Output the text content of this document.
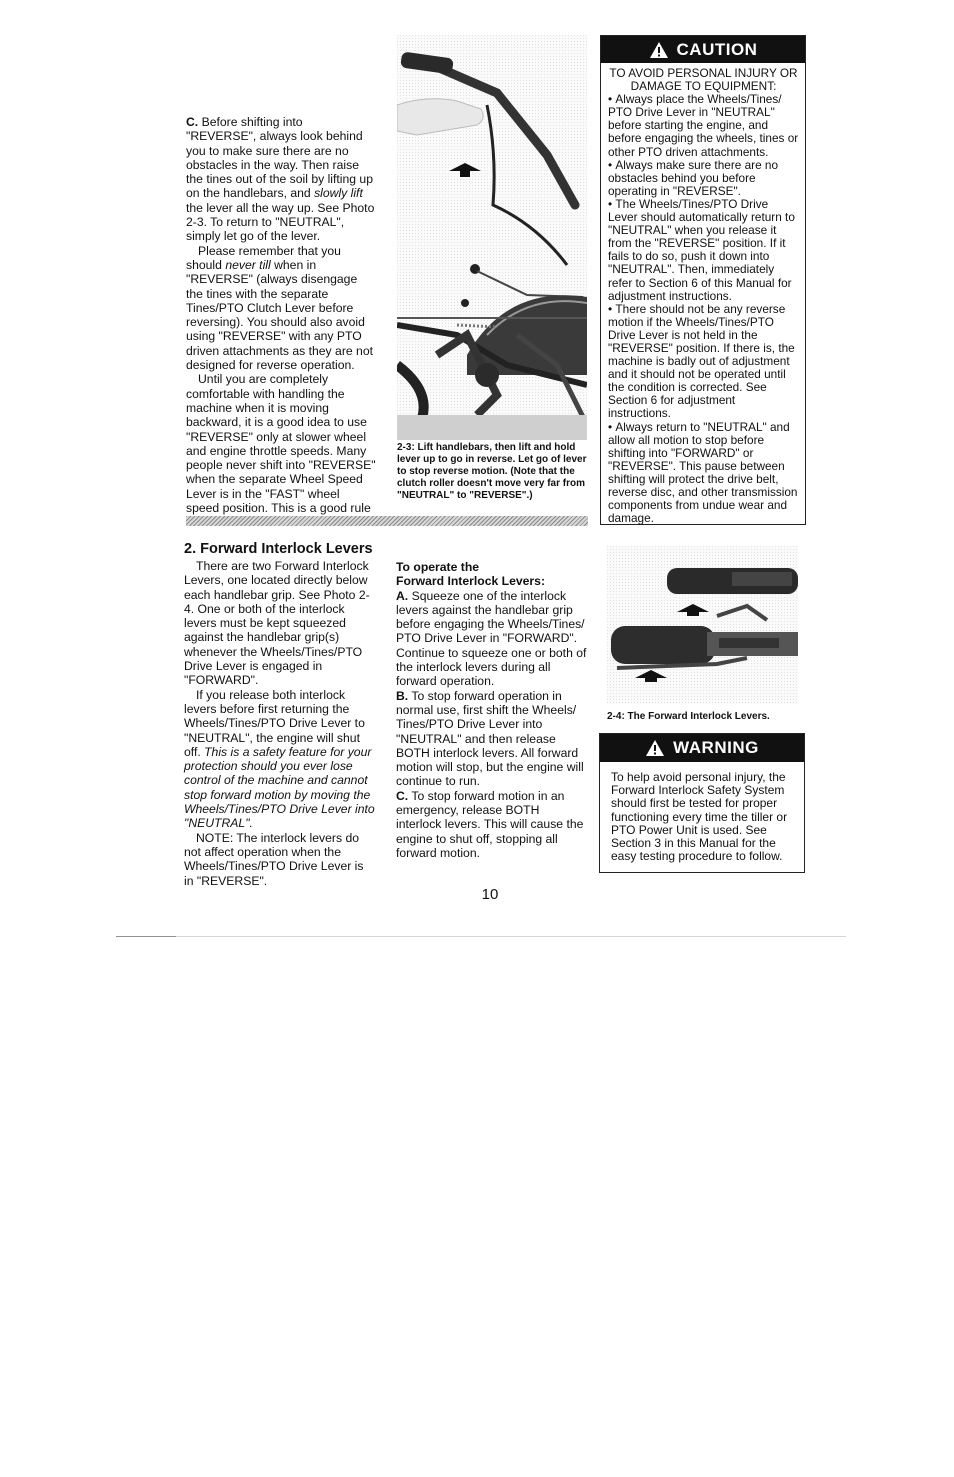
C. Before shifting into "REVERSE", always look behind you to make sure there are no obstacles in the way. Then raise the tines out of the soil by lifting up on the handlebars, and slowly lift the lever all the way up. See Photo 2-3. To return to "NEUTRAL", simply let go of the lever.

Please remember that you should never till when in "REVERSE" (always disengage the tines with the separate Tines/PTO Clutch Lever before reversing). You should also avoid using "REVERSE" with any PTO driven attachments as they are not designed for reverse operation.

Until you are completely comfortable with handling the machine when it is moving backward, it is a good idea to use "REVERSE" only at slower wheel and engine throttle speeds. Many people never shift into "REVERSE" when the separate Wheel Speed Lever is in the "FAST" wheel speed position. This is a good rule

2-3: Lift handlebars, then lift and hold lever up to go in reverse. Let go of lever to stop reverse motion. (Note that the clutch roller doesn't move very far from "NEUTRAL" to "REVERSE".)
CAUTION
TO AVOID PERSONAL INJURY OR DAMAGE TO EQUIPMENT:
• Always place the Wheels/Tines/ PTO Drive Lever in "NEUTRAL" before starting the engine, and before engaging the wheels, tines or other PTO driven attachments.
• Always make sure there are no obstacles behind you before operating in "REVERSE".
• The Wheels/Tines/PTO Drive Lever should automatically return to "NEUTRAL" when you release it from the "REVERSE" position. If it fails to do so, push it down into "NEUTRAL". Then, immediately refer to Section 6 of this Manual for adjustment instructions.
• There should not be any reverse motion if the Wheels/Tines/PTO Drive Lever is not held in the "REVERSE" position. If there is, the machine is badly out of adjustment and it should not be operated until the condition is corrected. See Section 6 for adjustment instructions.
• Always return to "NEUTRAL" and allow all motion to stop before shifting into "FORWARD" or "REVERSE". This pause between shifting will protect the drive belt, reverse disc, and other transmission components from undue wear and damage.
2. Forward Interlock Levers

There are two Forward Interlock Levers, one located directly below each handlebar grip. See Photo 2-4. One or both of the interlock levers must be kept squeezed against the handlebar grip(s) whenever the Wheels/Tines/PTO Drive Lever is engaged in "FORWARD".

If you release both interlock levers before first returning the Wheels/Tines/PTO Drive Lever to "NEUTRAL", the engine will shut off. This is a safety feature for your protection should you ever lose control of the machine and cannot stop forward motion by moving the Wheels/Tines/PTO Drive Lever into "NEUTRAL".

NOTE: The interlock levers do not affect operation when the Wheels/Tines/PTO Drive Lever is in "REVERSE".

To operate the

Forward Interlock Levers:

A. Squeeze one of the interlock levers against the handlebar grip before engaging the Wheels/Tines/ PTO Drive Lever in "FORWARD". Continue to squeeze one or both of the interlock levers during all forward operation.

B. To stop forward operation in normal use, first shift the Wheels/ Tines/PTO Drive Lever into "NEUTRAL" and then release BOTH interlock levers. All forward motion will stop, but the engine will continue to run.

C. To stop forward motion in an emergency, release BOTH interlock levers. This will cause the engine to shut off, stopping all forward motion.

2-4: The Forward Interlock Levers.
WARNING
To help avoid personal injury, the Forward Interlock Safety System should first be tested for proper functioning every time the tiller or PTO Power Unit is used. See Section 3 in this Manual for the easy testing procedure to follow.
10
